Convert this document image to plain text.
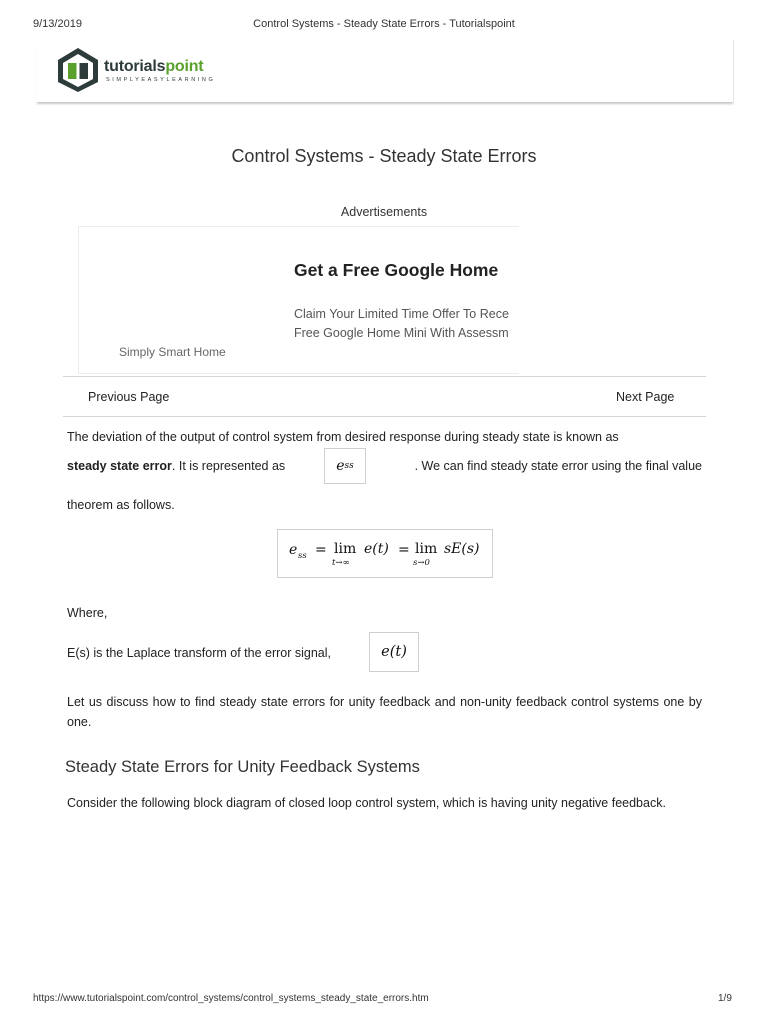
9/13/2019	Control Systems - Steady State Errors - Tutorialspoint
tutorialspoint
SIMPLYEASYLEARNING
Control Systems - Steady State Errors
Advertisements
Get a Free Google Home
Claim Your Limited Time Offer To Rece
Free Google Home Mini With Assessm
Simply Smart Home
Previous Page	Next Page
The deviation of the output of control system from desired response during steady state is known as
steady state error. It is represented as	e ss	. We can find steady state error using the final value
theorem as follows.
e ss = lim
t→∞
e(t) = lim
s→0
sE(s)
Where,
E(s) is the Laplace transform of the error signal,	e(t)
Let us discuss how to find steady state errors for unity feedback and non-unity feedback control systems one by one.
Steady State Errors for Unity Feedback Systems
Consider the following block diagram of closed loop control system, which is having unity negative feedback.
https://www.tutorialspoint.com/control_systems/control_systems_steady_state_errors.htm	1/9
